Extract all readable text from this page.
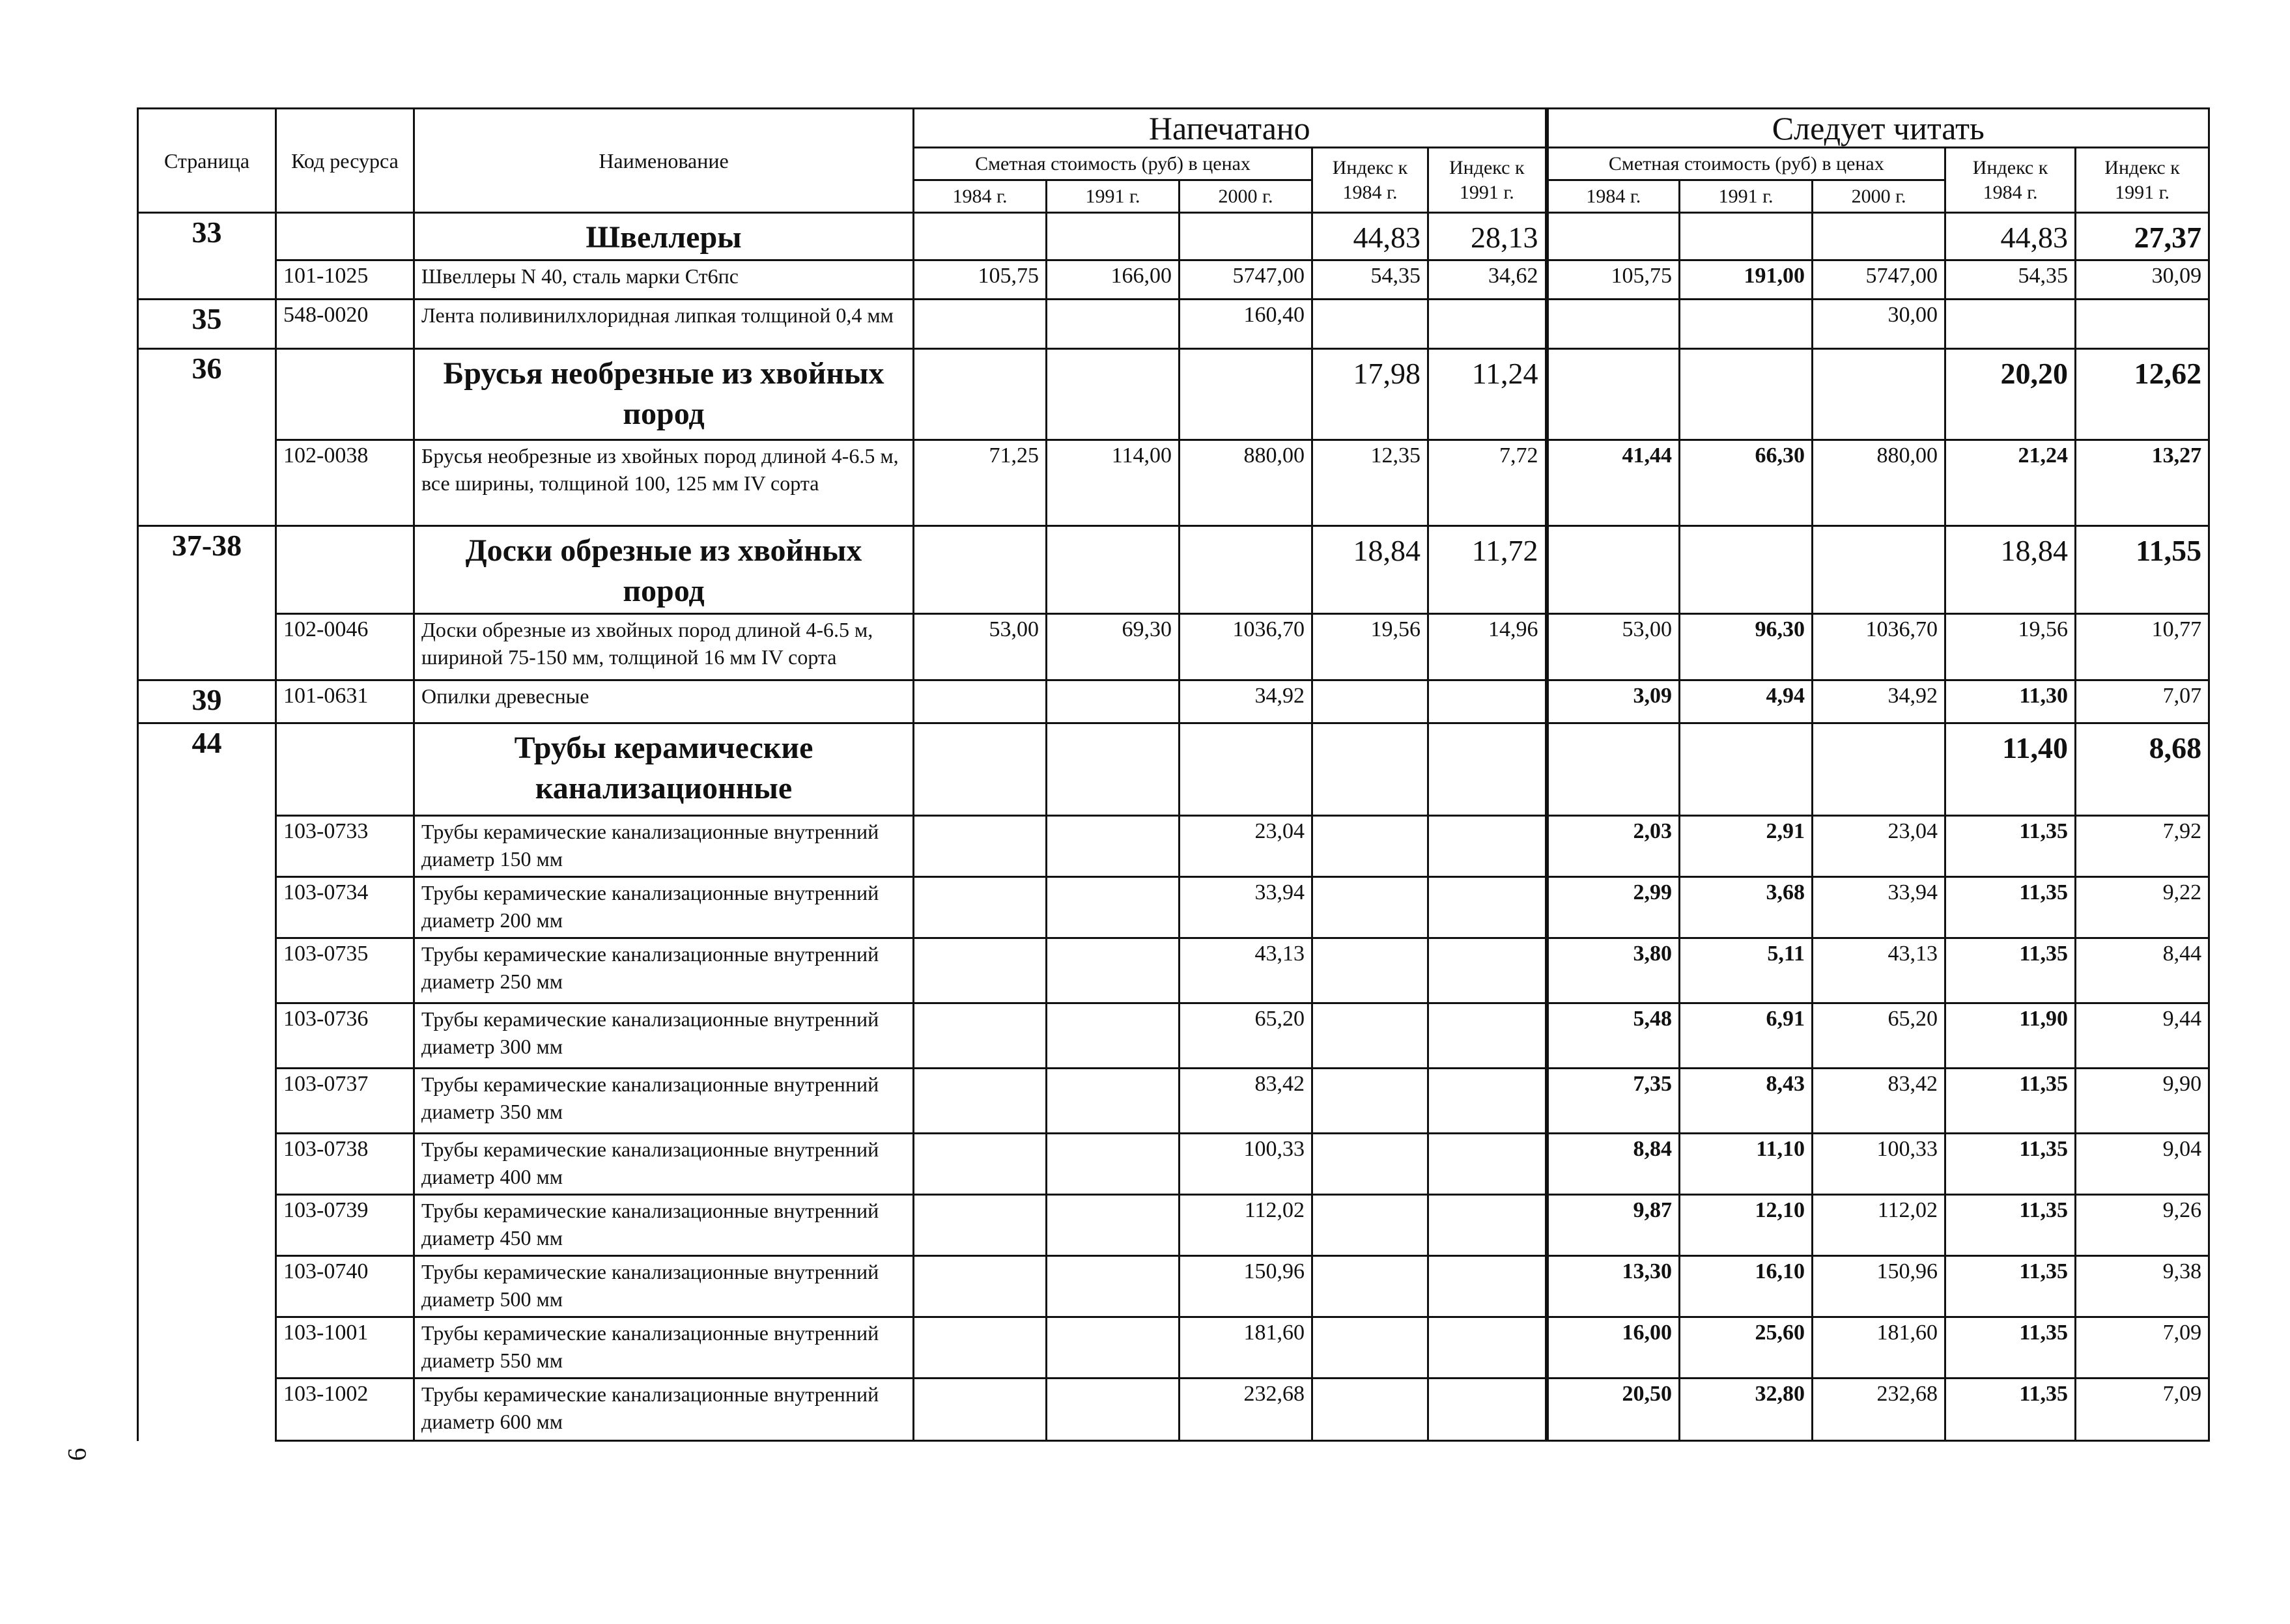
Страница	Код ресурса	Наименование	Напечатано					Следует читать				
			Сметная стоимость (руб) в ценах			Индекс к 1984 г.	Индекс к 1991 г.	Сметная стоимость (руб) в ценах			Индекс к 1984 г.	Индекс к 1991 г.
			1984 г.	1991 г.	2000 г.			1984 г.	1991 г.	2000 г.		
33		Швеллеры				44,83	28,13				44,83	27,37
	101-1025	Швеллеры N 40, сталь марки Ст6пс	105,75	166,00	5747,00	54,35	34,62	105,75	191,00	5747,00	54,35	30,09
35	548-0020	Лента поливинилхлоридная липкая толщиной 0,4 мм			160,40					30,00		
36		Брусья необрезные из хвойных пород				17,98	11,24				20,20	12,62
	102-0038	Брусья необрезные из хвойных пород длиной 4-6.5 м, все ширины, толщиной 100, 125 мм IV сорта	71,25	114,00	880,00	12,35	7,72	41,44	66,30	880,00	21,24	13,27
37-38		Доски обрезные из хвойных пород				18,84	11,72				18,84	11,55
	102-0046	Доски обрезные из хвойных пород длиной 4-6.5 м, шириной 75-150 мм, толщиной 16 мм IV сорта	53,00	69,30	1036,70	19,56	14,96	53,00	96,30	1036,70	19,56	10,77
39	101-0631	Опилки древесные			34,92			3,09	4,94	34,92	11,30	7,07
44		Трубы керамические канализационные									11,40	8,68
	103-0733	Трубы керамические канализационные внутренний диаметр 150 мм			23,04			2,03	2,91	23,04	11,35	7,92
	103-0734	Трубы керамические канализационные внутренний диаметр 200 мм			33,94			2,99	3,68	33,94	11,35	9,22
	103-0735	Трубы керамические канализационные внутренний диаметр 250 мм			43,13			3,80	5,11	43,13	11,35	8,44
	103-0736	Трубы керамические канализационные внутренний диаметр 300 мм			65,20			5,48	6,91	65,20	11,90	9,44
	103-0737	Трубы керамические канализационные внутренний диаметр 350 мм			83,42			7,35	8,43	83,42	11,35	9,90
	103-0738	Трубы керамические канализационные внутренний диаметр 400 мм			100,33			8,84	11,10	100,33	11,35	9,04
	103-0739	Трубы керамические канализационные внутренний диаметр 450 мм			112,02			9,87	12,10	112,02	11,35	9,26
	103-0740	Трубы керамические канализационные внутренний диаметр 500 мм			150,96			13,30	16,10	150,96	11,35	9,38
	103-1001	Трубы керамические канализационные внутренний диаметр 550 мм			181,60			16,00	25,60	181,60	11,35	7,09
	103-1002	Трубы керамические канализационные внутренний диаметр 600 мм			232,68			20,50	32,80	232,68	11,35	7,09
6
